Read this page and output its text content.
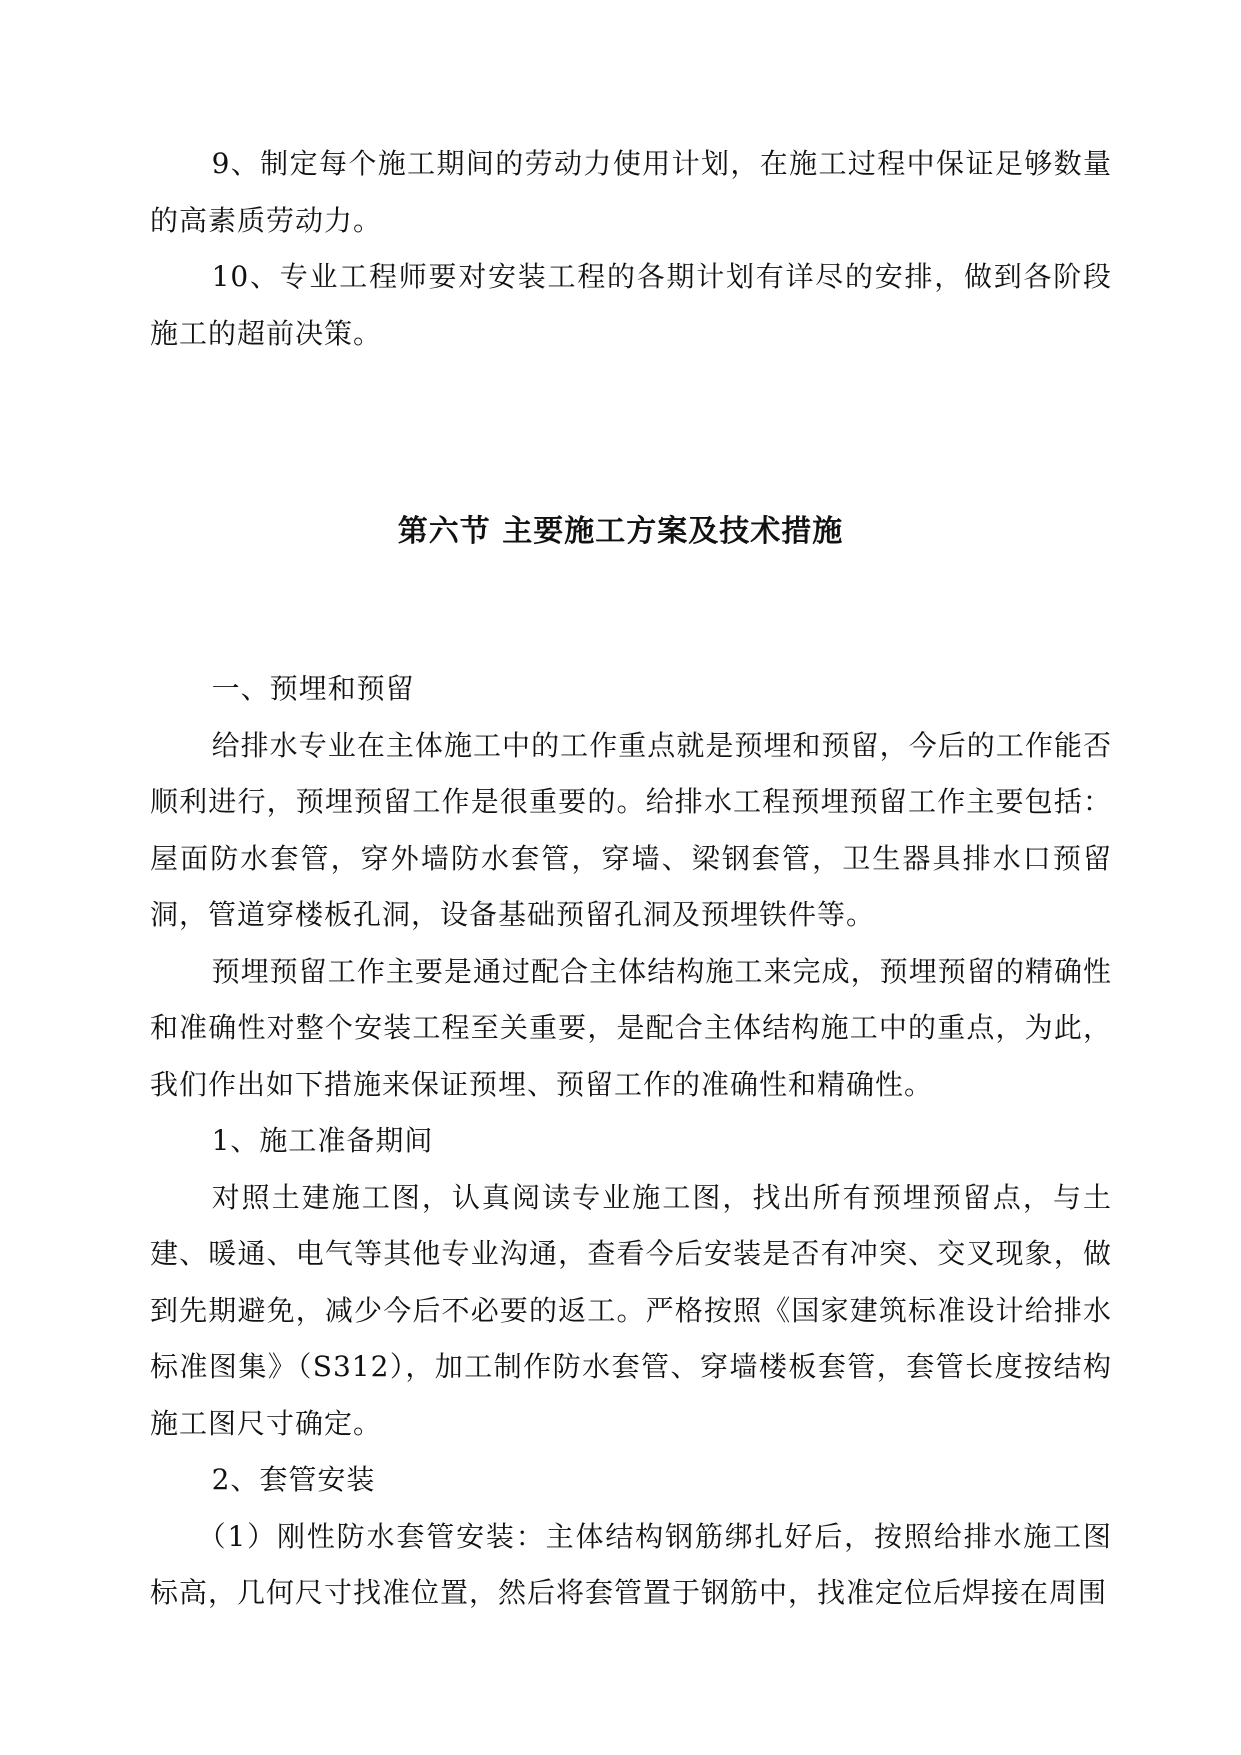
9、制定每个施工期间的劳动力使用计划，在施工过程中保证足够数量的高素质劳动力。

10、专业工程师要对安装工程的各期计划有详尽的安排，做到各阶段施工的超前决策。

第六节 主要施工方案及技术措施

一、预埋和预留

给排水专业在主体施工中的工作重点就是预埋和预留，今后的工作能否顺利进行，预埋预留工作是很重要的。给排水工程预埋预留工作主要包括：屋面防水套管，穿外墙防水套管，穿墙、梁钢套管，卫生器具排水口预留洞，管道穿楼板孔洞，设备基础预留孔洞及预埋铁件等。

预埋预留工作主要是通过配合主体结构施工来完成，预埋预留的精确性和准确性对整个安装工程至关重要，是配合主体结构施工中的重点，为此，我们作出如下措施来保证预埋、预留工作的准确性和精确性。

1、施工准备期间

对照土建施工图，认真阅读专业施工图，找出所有预埋预留点，与土建、暖通、电气等其他专业沟通，查看今后安装是否有冲突、交叉现象，做到先期避免，减少今后不必要的返工。严格按照《国家建筑标准设计给排水标准图集》（S312），加工制作防水套管、穿墙楼板套管，套管长度按结构施工图尺寸确定。

2、套管安装

（1）刚性防水套管安装：主体结构钢筋绑扎好后，按照给排水施工图标高，几何尺寸找准位置，然后将套管置于钢筋中，找准定位后焊接在周围
